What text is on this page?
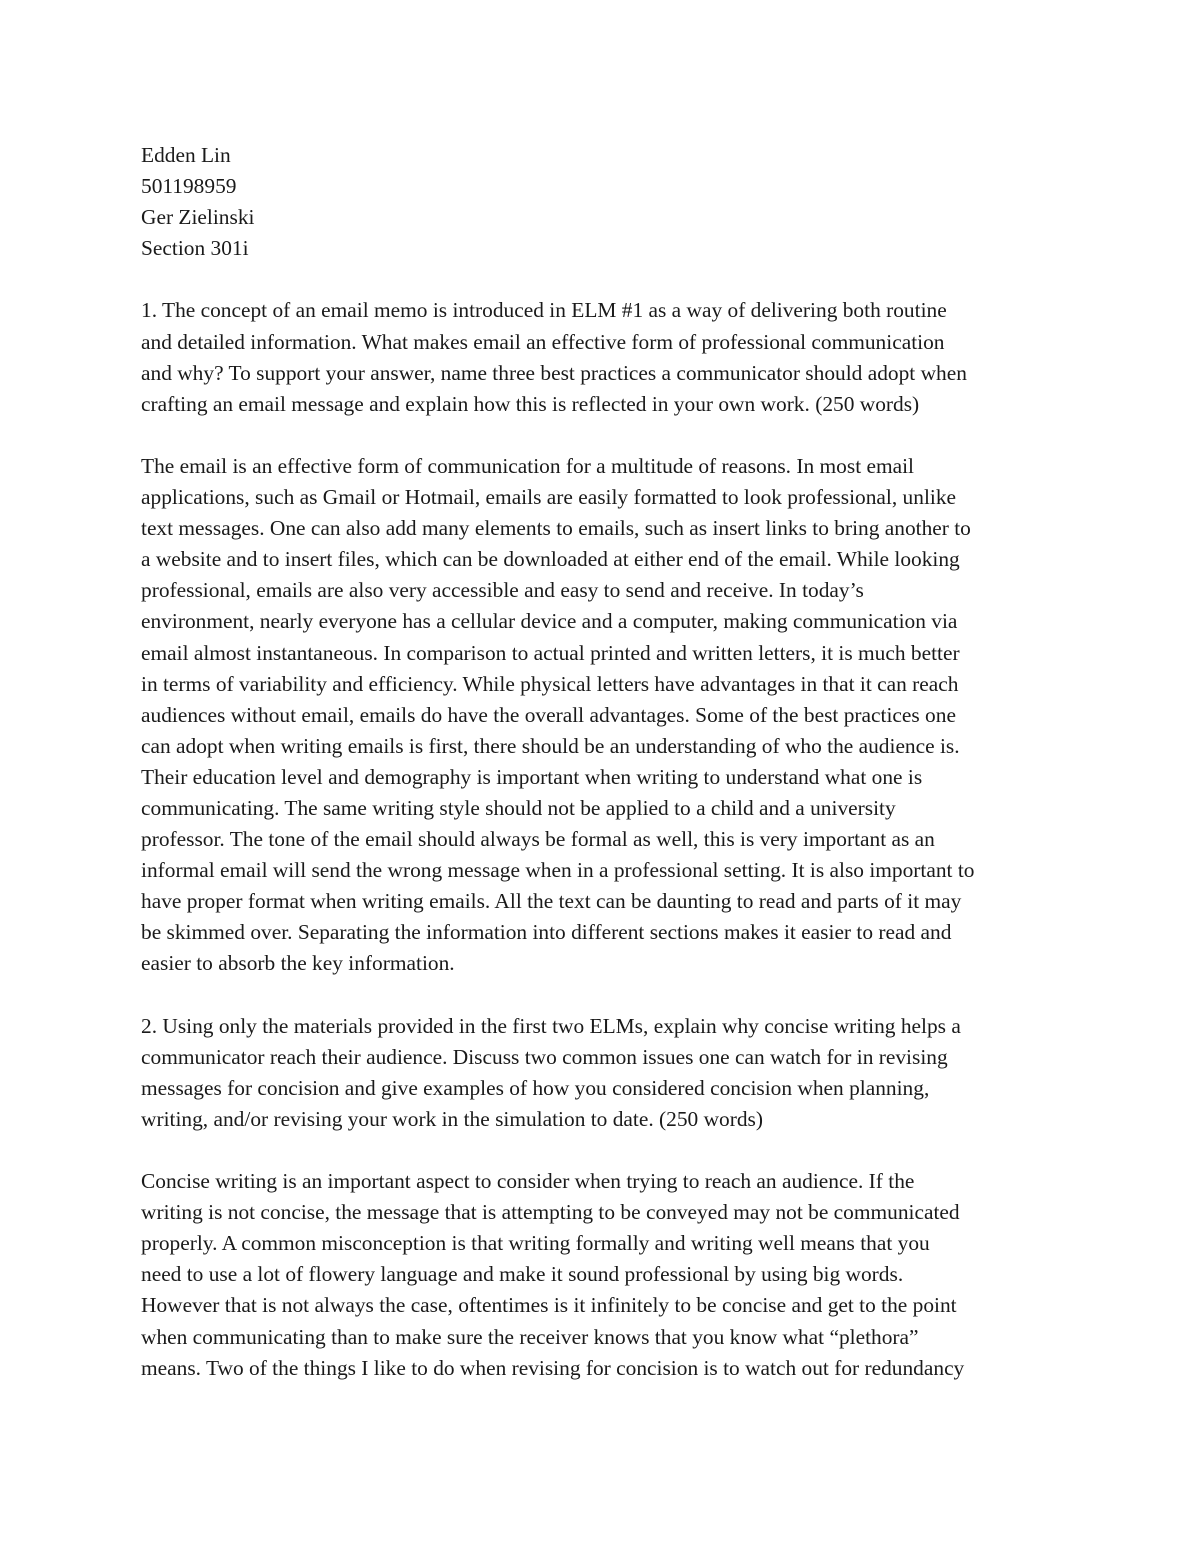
Edden Lin
501198959
Ger Zielinski
Section 301i
1. The concept of an email memo is introduced in ELM #1 as a way of delivering both routine
and detailed information. What makes email an effective form of professional communication
and why? To support your answer, name three best practices a communicator should adopt when
crafting an email message and explain how this is reflected in your own work. (250 words)
The email is an effective form of communication for a multitude of reasons. In most email
applications, such as Gmail or Hotmail, emails are easily formatted to look professional, unlike
text messages. One can also add many elements to emails, such as insert links to bring another to
a website and to insert files, which can be downloaded at either end of the email. While looking
professional, emails are also very accessible and easy to send and receive. In today’s
environment, nearly everyone has a cellular device and a computer, making communication via
email almost instantaneous. In comparison to actual printed and written letters, it is much better
in terms of variability and efficiency. While physical letters have advantages in that it can reach
audiences without email, emails do have the overall advantages. Some of the best practices one
can adopt when writing emails is first, there should be an understanding of who the audience is.
Their education level and demography is important when writing to understand what one is
communicating. The same writing style should not be applied to a child and a university
professor. The tone of the email should always be formal as well, this is very important as an
informal email will send the wrong message when in a professional setting. It is also important to
have proper format when writing emails. All the text can be daunting to read and parts of it may
be skimmed over. Separating the information into different sections makes it easier to read and
easier to absorb the key information.
2. Using only the materials provided in the first two ELMs, explain why concise writing helps a
communicator reach their audience. Discuss two common issues one can watch for in revising
messages for concision and give examples of how you considered concision when planning,
writing, and/or revising your work in the simulation to date. (250 words)
Concise writing is an important aspect to consider when trying to reach an audience. If the
writing is not concise, the message that is attempting to be conveyed may not be communicated
properly. A common misconception is that writing formally and writing well means that you
need to use a lot of flowery language and make it sound professional by using big words.
However that is not always the case, oftentimes is it infinitely to be concise and get to the point
when communicating than to make sure the receiver knows that you know what “plethora”
means. Two of the things I like to do when revising for concision is to watch out for redundancy
